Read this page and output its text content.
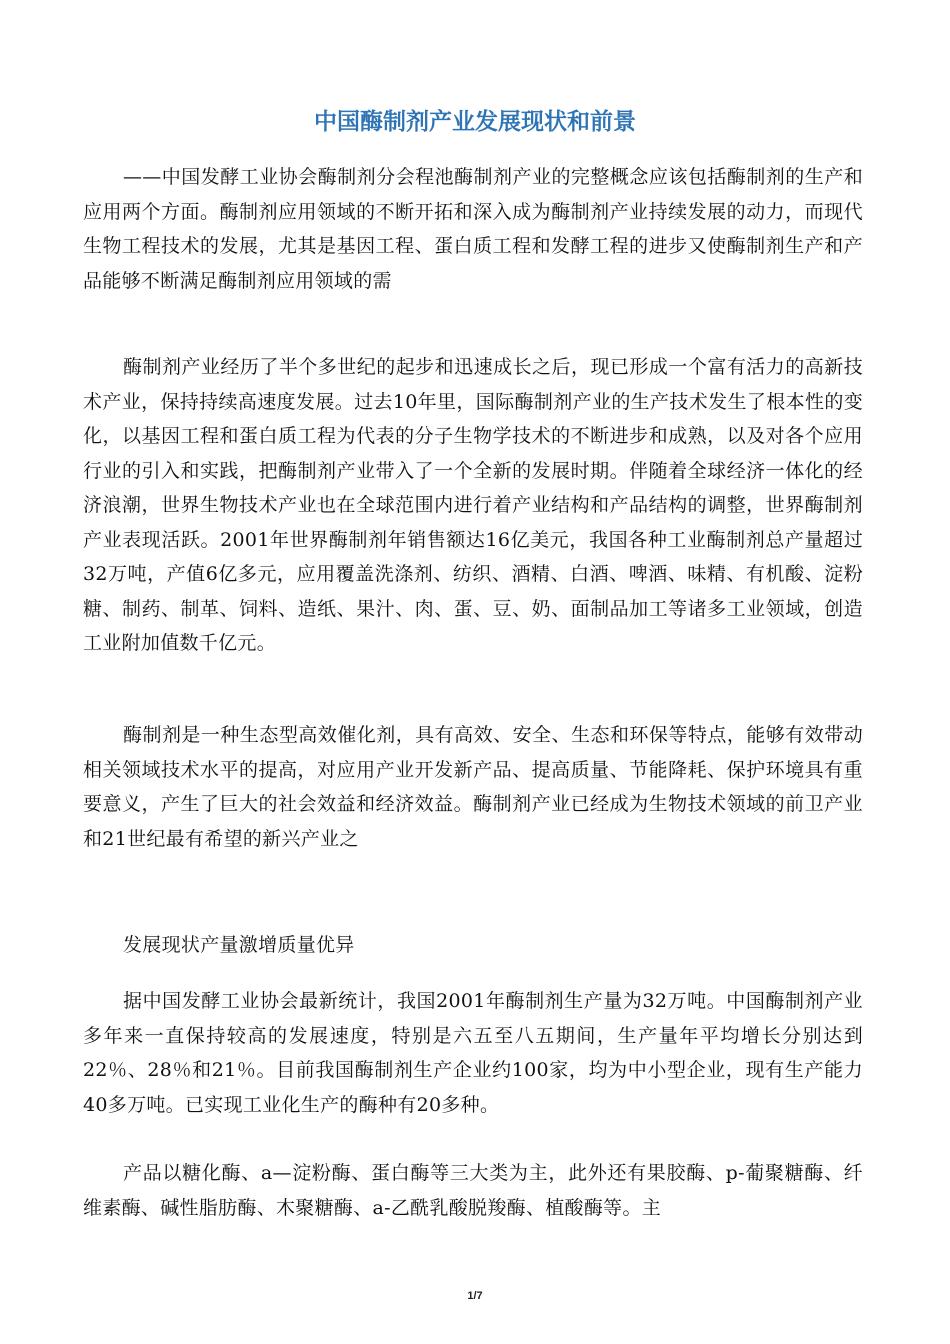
中国酶制剂产业发展现状和前景

——中国发酵工业协会酶制剂分会程池酶制剂产业的完整概念应该包括酶制剂的生产和应用两个方面。酶制剂应用领域的不断开拓和深入成为酶制剂产业持续发展的动力，而现代生物工程技术的发展，尤其是基因工程、蛋白质工程和发酵工程的进步又使酶制剂生产和产品能够不断满足酶制剂应用领域的需

酶制剂产业经历了半个多世纪的起步和迅速成长之后，现已形成一个富有活力的高新技术产业，保持持续高速度发展。过去10年里，国际酶制剂产业的生产技术发生了根本性的变化，以基因工程和蛋白质工程为代表的分子生物学技术的不断进步和成熟，以及对各个应用行业的引入和实践，把酶制剂产业带入了一个全新的发展时期。伴随着全球经济一体化的经济浪潮，世界生物技术产业也在全球范围内进行着产业结构和产品结构的调整，世界酶制剂产业表现活跃。2001年世界酶制剂年销售额达16亿美元，我国各种工业酶制剂总产量超过32万吨，产值6亿多元，应用覆盖洗涤剂、纺织、酒精、白酒、啤酒、味精、有机酸、淀粉糖、制药、制革、饲料、造纸、果汁、肉、蛋、豆、奶、面制品加工等诸多工业领域，创造工业附加值数千亿元。

酶制剂是一种生态型高效催化剂，具有高效、安全、生态和环保等特点，能够有效带动相关领域技术水平的提高，对应用产业开发新产品、提高质量、节能降耗、保护环境具有重要意义，产生了巨大的社会效益和经济效益。酶制剂产业已经成为生物技术领域的前卫产业和21世纪最有希望的新兴产业之

发展现状产量激增质量优异

据中国发酵工业协会最新统计，我国2001年酶制剂生产量为32万吨。中国酶制剂产业多年来一直保持较高的发展速度，特别是六五至八五期间，生产量年平均增长分别达到22％、28％和21％。目前我国酶制剂生产企业约100家，均为中小型企业，现有生产能力40多万吨。已实现工业化生产的酶种有20多种。

产品以糖化酶、a—淀粉酶、蛋白酶等三大类为主，此外还有果胶酶、p-葡聚糖酶、纤维素酶、碱性脂肪酶、木聚糖酶、a-乙酰乳酸脱羧酶、植酸酶等。主

1/7
